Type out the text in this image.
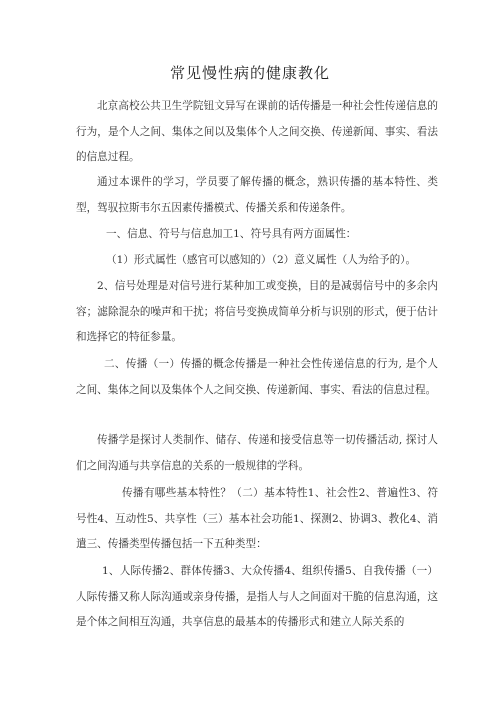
常见慢性病的健康教化
北京高校公共卫生学院钮文异写在课前的话传播是一种社会性传递信息的行为，是个人之间、集体之间以及集体个人之间交换、传递新闻、事实、看法的信息过程。
通过本课件的学习，学员要了解传播的概念，熟识传播的基本特性、类型，驾驭拉斯韦尔五因素传播模式、传播关系和传递条件。
一、信息、符号与信息加工1、符号具有两方面属性：
（1）形式属性（感官可以感知的）（2）意义属性（人为给予的）。
2、信号处理是对信号进行某种加工或变换，目的是减弱信号中的多余内容；滤除混杂的噪声和干扰；将信号变换成简单分析与识别的形式，便于估计和选择它的特征参量。
二、传播（一）传播的概念传播是一种社会性传递信息的行为, 是个人之间、集体之间以及集体个人之间交换、传递新闻、事实、看法的信息过程。
传播学是探讨人类制作、储存、传递和接受信息等一切传播活动, 探讨人们之间沟通与共享信息的关系的一般规律的学科。
传播有哪些基本特性？（二）基本特性1、社会性2、普遍性3、符号性4、互动性5、共享性（三）基本社会功能1、探测2、协调3、教化4、消遣三、传播类型传播包括一下五种类型：
1、人际传播2、群体传播3、大众传播4、组织传播5、自我传播（一）人际传播又称人际沟通或亲身传播，是指人与人之间面对干脆的信息沟通，这是个体之间相互沟通，共享信息的最基本的传播形式和建立人际关系的
